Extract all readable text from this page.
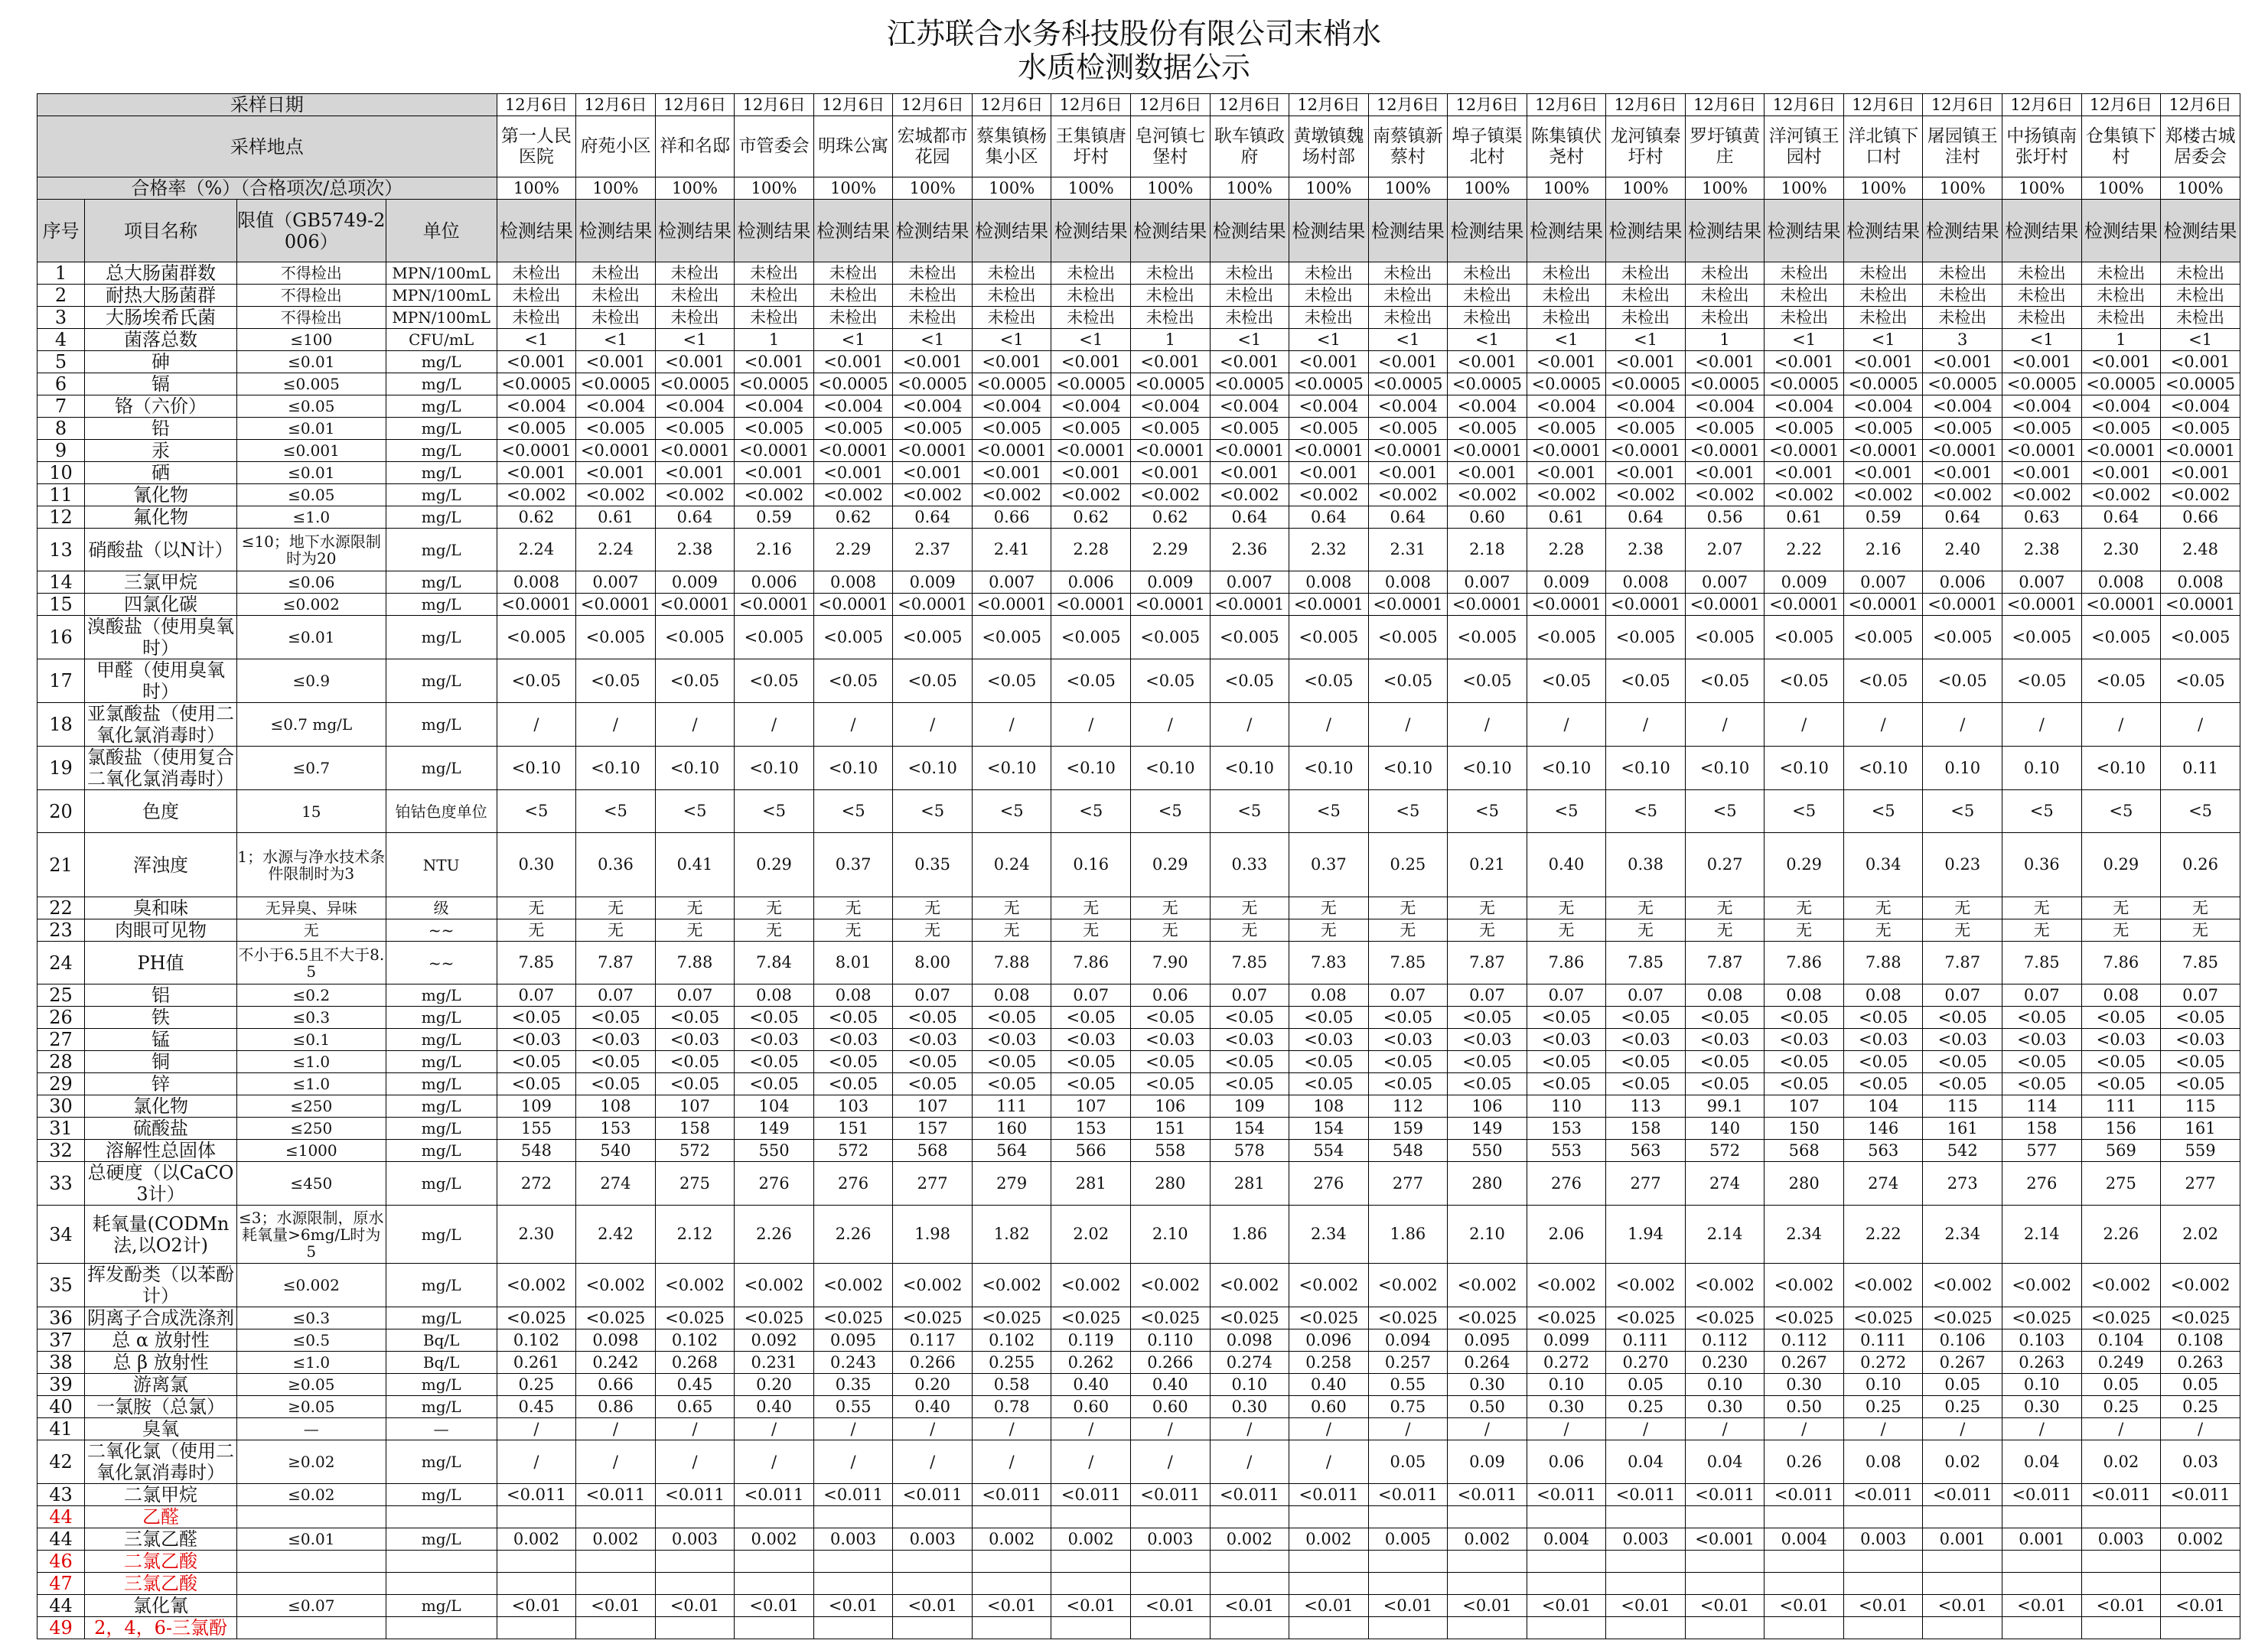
江苏联合水务科技股份有限公司末梢水
水质检测数据公示
采样日期				12月6日	12月6日	12月6日	12月6日	12月6日	12月6日	12月6日	12月6日	12月6日	12月6日	12月6日	12月6日	12月6日	12月6日	12月6日	12月6日	12月6日	12月6日	12月6日	12月6日	12月6日	12月6日
采样地点				第一人民医院	府苑小区	祥和名邸	市管委会	明珠公寓	宏城都市花园	蔡集镇杨集小区	王集镇唐圩村	皂河镇七堡村	耿车镇政府	黄墩镇魏场村部	南蔡镇新蔡村	埠子镇渠北村	陈集镇伏尧村	龙河镇秦圩村	罗圩镇黄庄	洋河镇王园村	洋北镇下口村	屠园镇王洼村	中扬镇南张圩村	仓集镇下村	郑楼古城居委会
合格率（%）（合格项次/总项次）				100%	100%	100%	100%	100%	100%	100%	100%	100%	100%	100%	100%	100%	100%	100%	100%	100%	100%	100%	100%	100%	100%
序号	项目名称	限值（GB5749-2006）	单位	检测结果	检测结果	检测结果	检测结果	检测结果	检测结果	检测结果	检测结果	检测结果	检测结果	检测结果	检测结果	检测结果	检测结果	检测结果	检测结果	检测结果	检测结果	检测结果	检测结果	检测结果	检测结果
1	总大肠菌群数	不得检出	MPN/100mL	未检出	未检出	未检出	未检出	未检出	未检出	未检出	未检出	未检出	未检出	未检出	未检出	未检出	未检出	未检出	未检出	未检出	未检出	未检出	未检出	未检出	未检出
2	耐热大肠菌群	不得检出	MPN/100mL	未检出	未检出	未检出	未检出	未检出	未检出	未检出	未检出	未检出	未检出	未检出	未检出	未检出	未检出	未检出	未检出	未检出	未检出	未检出	未检出	未检出	未检出
3	大肠埃希氏菌	不得检出	MPN/100mL	未检出	未检出	未检出	未检出	未检出	未检出	未检出	未检出	未检出	未检出	未检出	未检出	未检出	未检出	未检出	未检出	未检出	未检出	未检出	未检出	未检出	未检出
4	菌落总数	≤100	CFU/mL	<1	<1	<1	1	<1	<1	<1	<1	1	<1	<1	<1	<1	<1	<1	1	<1	<1	3	<1	1	<1
5	砷	≤0.01	mg/L	<0.001	<0.001	<0.001	<0.001	<0.001	<0.001	<0.001	<0.001	<0.001	<0.001	<0.001	<0.001	<0.001	<0.001	<0.001	<0.001	<0.001	<0.001	<0.001	<0.001	<0.001	<0.001
6	镉	≤0.005	mg/L	<0.0005	<0.0005	<0.0005	<0.0005	<0.0005	<0.0005	<0.0005	<0.0005	<0.0005	<0.0005	<0.0005	<0.0005	<0.0005	<0.0005	<0.0005	<0.0005	<0.0005	<0.0005	<0.0005	<0.0005	<0.0005	<0.0005
7	铬（六价）	≤0.05	mg/L	<0.004	<0.004	<0.004	<0.004	<0.004	<0.004	<0.004	<0.004	<0.004	<0.004	<0.004	<0.004	<0.004	<0.004	<0.004	<0.004	<0.004	<0.004	<0.004	<0.004	<0.004	<0.004
8	铅	≤0.01	mg/L	<0.005	<0.005	<0.005	<0.005	<0.005	<0.005	<0.005	<0.005	<0.005	<0.005	<0.005	<0.005	<0.005	<0.005	<0.005	<0.005	<0.005	<0.005	<0.005	<0.005	<0.005	<0.005
9	汞	≤0.001	mg/L	<0.0001	<0.0001	<0.0001	<0.0001	<0.0001	<0.0001	<0.0001	<0.0001	<0.0001	<0.0001	<0.0001	<0.0001	<0.0001	<0.0001	<0.0001	<0.0001	<0.0001	<0.0001	<0.0001	<0.0001	<0.0001	<0.0001
10	硒	≤0.01	mg/L	<0.001	<0.001	<0.001	<0.001	<0.001	<0.001	<0.001	<0.001	<0.001	<0.001	<0.001	<0.001	<0.001	<0.001	<0.001	<0.001	<0.001	<0.001	<0.001	<0.001	<0.001	<0.001
11	氰化物	≤0.05	mg/L	<0.002	<0.002	<0.002	<0.002	<0.002	<0.002	<0.002	<0.002	<0.002	<0.002	<0.002	<0.002	<0.002	<0.002	<0.002	<0.002	<0.002	<0.002	<0.002	<0.002	<0.002	<0.002
12	氟化物	≤1.0	mg/L	0.62	0.61	0.64	0.59	0.62	0.64	0.66	0.62	0.62	0.64	0.64	0.64	0.60	0.61	0.64	0.56	0.61	0.59	0.64	0.63	0.64	0.66
13	硝酸盐（以N计）	≤10；地下水源限制时为20	mg/L	2.24	2.24	2.38	2.16	2.29	2.37	2.41	2.28	2.29	2.36	2.32	2.31	2.18	2.28	2.38	2.07	2.22	2.16	2.40	2.38	2.30	2.48
14	三氯甲烷	≤0.06	mg/L	0.008	0.007	0.009	0.006	0.008	0.009	0.007	0.006	0.009	0.007	0.008	0.008	0.007	0.009	0.008	0.007	0.009	0.007	0.006	0.007	0.008	0.008
15	四氯化碳	≤0.002	mg/L	<0.0001	<0.0001	<0.0001	<0.0001	<0.0001	<0.0001	<0.0001	<0.0001	<0.0001	<0.0001	<0.0001	<0.0001	<0.0001	<0.0001	<0.0001	<0.0001	<0.0001	<0.0001	<0.0001	<0.0001	<0.0001	<0.0001
16	溴酸盐（使用臭氧时）	≤0.01	mg/L	<0.005	<0.005	<0.005	<0.005	<0.005	<0.005	<0.005	<0.005	<0.005	<0.005	<0.005	<0.005	<0.005	<0.005	<0.005	<0.005	<0.005	<0.005	<0.005	<0.005	<0.005	<0.005
17	甲醛（使用臭氧时）	≤0.9	mg/L	<0.05	<0.05	<0.05	<0.05	<0.05	<0.05	<0.05	<0.05	<0.05	<0.05	<0.05	<0.05	<0.05	<0.05	<0.05	<0.05	<0.05	<0.05	<0.05	<0.05	<0.05	<0.05
18	亚氯酸盐（使用二氧化氯消毒时）	≤0.7 mg/L	mg/L	/	/	/	/	/	/	/	/	/	/	/	/	/	/	/	/	/	/	/	/	/	/
19	氯酸盐（使用复合二氧化氯消毒时）	≤0.7	mg/L	<0.10	<0.10	<0.10	<0.10	<0.10	<0.10	<0.10	<0.10	<0.10	<0.10	<0.10	<0.10	<0.10	<0.10	<0.10	<0.10	<0.10	<0.10	0.10	0.10	<0.10	0.11
20	色度	15	铂钴色度单位	<5	<5	<5	<5	<5	<5	<5	<5	<5	<5	<5	<5	<5	<5	<5	<5	<5	<5	<5	<5	<5	<5
21	浑浊度	1；水源与净水技术条件限制时为3	NTU	0.30	0.36	0.41	0.29	0.37	0.35	0.24	0.16	0.29	0.33	0.37	0.25	0.21	0.40	0.38	0.27	0.29	0.34	0.23	0.36	0.29	0.26
22	臭和味	无异臭、异味	级	无	无	无	无	无	无	无	无	无	无	无	无	无	无	无	无	无	无	无	无	无	无
23	肉眼可见物	无	~~	无	无	无	无	无	无	无	无	无	无	无	无	无	无	无	无	无	无	无	无	无	无
24	PH值	不小于6.5且不大于8.5	~~	7.85	7.87	7.88	7.84	8.01	8.00	7.88	7.86	7.90	7.85	7.83	7.85	7.87	7.86	7.85	7.87	7.86	7.88	7.87	7.85	7.86	7.85
25	铝	≤0.2	mg/L	0.07	0.07	0.07	0.08	0.08	0.07	0.08	0.07	0.06	0.07	0.08	0.07	0.07	0.07	0.07	0.08	0.08	0.08	0.07	0.07	0.08	0.07
26	铁	≤0.3	mg/L	<0.05	<0.05	<0.05	<0.05	<0.05	<0.05	<0.05	<0.05	<0.05	<0.05	<0.05	<0.05	<0.05	<0.05	<0.05	<0.05	<0.05	<0.05	<0.05	<0.05	<0.05	<0.05
27	锰	≤0.1	mg/L	<0.03	<0.03	<0.03	<0.03	<0.03	<0.03	<0.03	<0.03	<0.03	<0.03	<0.03	<0.03	<0.03	<0.03	<0.03	<0.03	<0.03	<0.03	<0.03	<0.03	<0.03	<0.03
28	铜	≤1.0	mg/L	<0.05	<0.05	<0.05	<0.05	<0.05	<0.05	<0.05	<0.05	<0.05	<0.05	<0.05	<0.05	<0.05	<0.05	<0.05	<0.05	<0.05	<0.05	<0.05	<0.05	<0.05	<0.05
29	锌	≤1.0	mg/L	<0.05	<0.05	<0.05	<0.05	<0.05	<0.05	<0.05	<0.05	<0.05	<0.05	<0.05	<0.05	<0.05	<0.05	<0.05	<0.05	<0.05	<0.05	<0.05	<0.05	<0.05	<0.05
30	氯化物	≤250	mg/L	109	108	107	104	103	107	111	107	106	109	108	112	106	110	113	99.1	107	104	115	114	111	115
31	硫酸盐	≤250	mg/L	155	153	158	149	151	157	160	153	151	154	154	159	149	153	158	140	150	146	161	158	156	161
32	溶解性总固体	≤1000	mg/L	548	540	572	550	572	568	564	566	558	578	554	548	550	553	563	572	568	563	542	577	569	559
33	总硬度（以CaCO3计）	≤450	mg/L	272	274	275	276	276	277	279	281	280	281	276	277	280	276	277	274	280	274	273	276	275	277
34	耗氧量(CODMn法,以O2计)	≤3；水源限制，原水耗氧量>6mg/L时为5	mg/L	2.30	2.42	2.12	2.26	2.26	1.98	1.82	2.02	2.10	1.86	2.34	1.86	2.10	2.06	1.94	2.14	2.34	2.22	2.34	2.14	2.26	2.02
35	挥发酚类（以苯酚计）	≤0.002	mg/L	<0.002	<0.002	<0.002	<0.002	<0.002	<0.002	<0.002	<0.002	<0.002	<0.002	<0.002	<0.002	<0.002	<0.002	<0.002	<0.002	<0.002	<0.002	<0.002	<0.002	<0.002	<0.002
36	阴离子合成洗涤剂	≤0.3	mg/L	<0.025	<0.025	<0.025	<0.025	<0.025	<0.025	<0.025	<0.025	<0.025	<0.025	<0.025	<0.025	<0.025	<0.025	<0.025	<0.025	<0.025	<0.025	<0.025	<0.025	<0.025	<0.025
37	总 α 放射性	≤0.5	Bq/L	0.102	0.098	0.102	0.092	0.095	0.117	0.102	0.119	0.110	0.098	0.096	0.094	0.095	0.099	0.111	0.112	0.112	0.111	0.106	0.103	0.104	0.108
38	总 β 放射性	≤1.0	Bq/L	0.261	0.242	0.268	0.231	0.243	0.266	0.255	0.262	0.266	0.274	0.258	0.257	0.264	0.272	0.270	0.230	0.267	0.272	0.267	0.263	0.249	0.263
39	游离氯	≥0.05	mg/L	0.25	0.66	0.45	0.20	0.35	0.20	0.58	0.40	0.40	0.10	0.40	0.55	0.30	0.10	0.05	0.10	0.30	0.10	0.05	0.10	0.05	0.05
40	一氯胺（总氯）	≥0.05	mg/L	0.45	0.86	0.65	0.40	0.55	0.40	0.78	0.60	0.60	0.30	0.60	0.75	0.50	0.30	0.25	0.30	0.50	0.25	0.25	0.30	0.25	0.25
41	臭氧	—	—	/	/	/	/	/	/	/	/	/	/	/	/	/	/	/	/	/	/	/	/	/	/
42	二氧化氯（使用二氧化氯消毒时）	≥0.02	mg/L	/	/	/	/	/	/	/	/	/	/	/	0.05	0.09	0.06	0.04	0.04	0.26	0.08	0.02	0.04	0.02	0.03
43	二氯甲烷	≤0.02	mg/L	<0.011	<0.011	<0.011	<0.011	<0.011	<0.011	<0.011	<0.011	<0.011	<0.011	<0.011	<0.011	<0.011	<0.011	<0.011	<0.011	<0.011	<0.011	<0.011	<0.011	<0.011	<0.011
44	乙醛																								
44	三氯乙醛	≤0.01	mg/L	0.002	0.002	0.003	0.002	0.003	0.003	0.002	0.002	0.003	0.002	0.002	0.005	0.002	0.004	0.003	<0.001	0.004	0.003	0.001	0.001	0.003	0.002
46	二氯乙酸																								
47	三氯乙酸																								
44	氯化氰	≤0.07	mg/L	<0.01	<0.01	<0.01	<0.01	<0.01	<0.01	<0.01	<0.01	<0.01	<0.01	<0.01	<0.01	<0.01	<0.01	<0.01	<0.01	<0.01	<0.01	<0.01	<0.01	<0.01	<0.01
49	2，4，6-三氯酚																								
